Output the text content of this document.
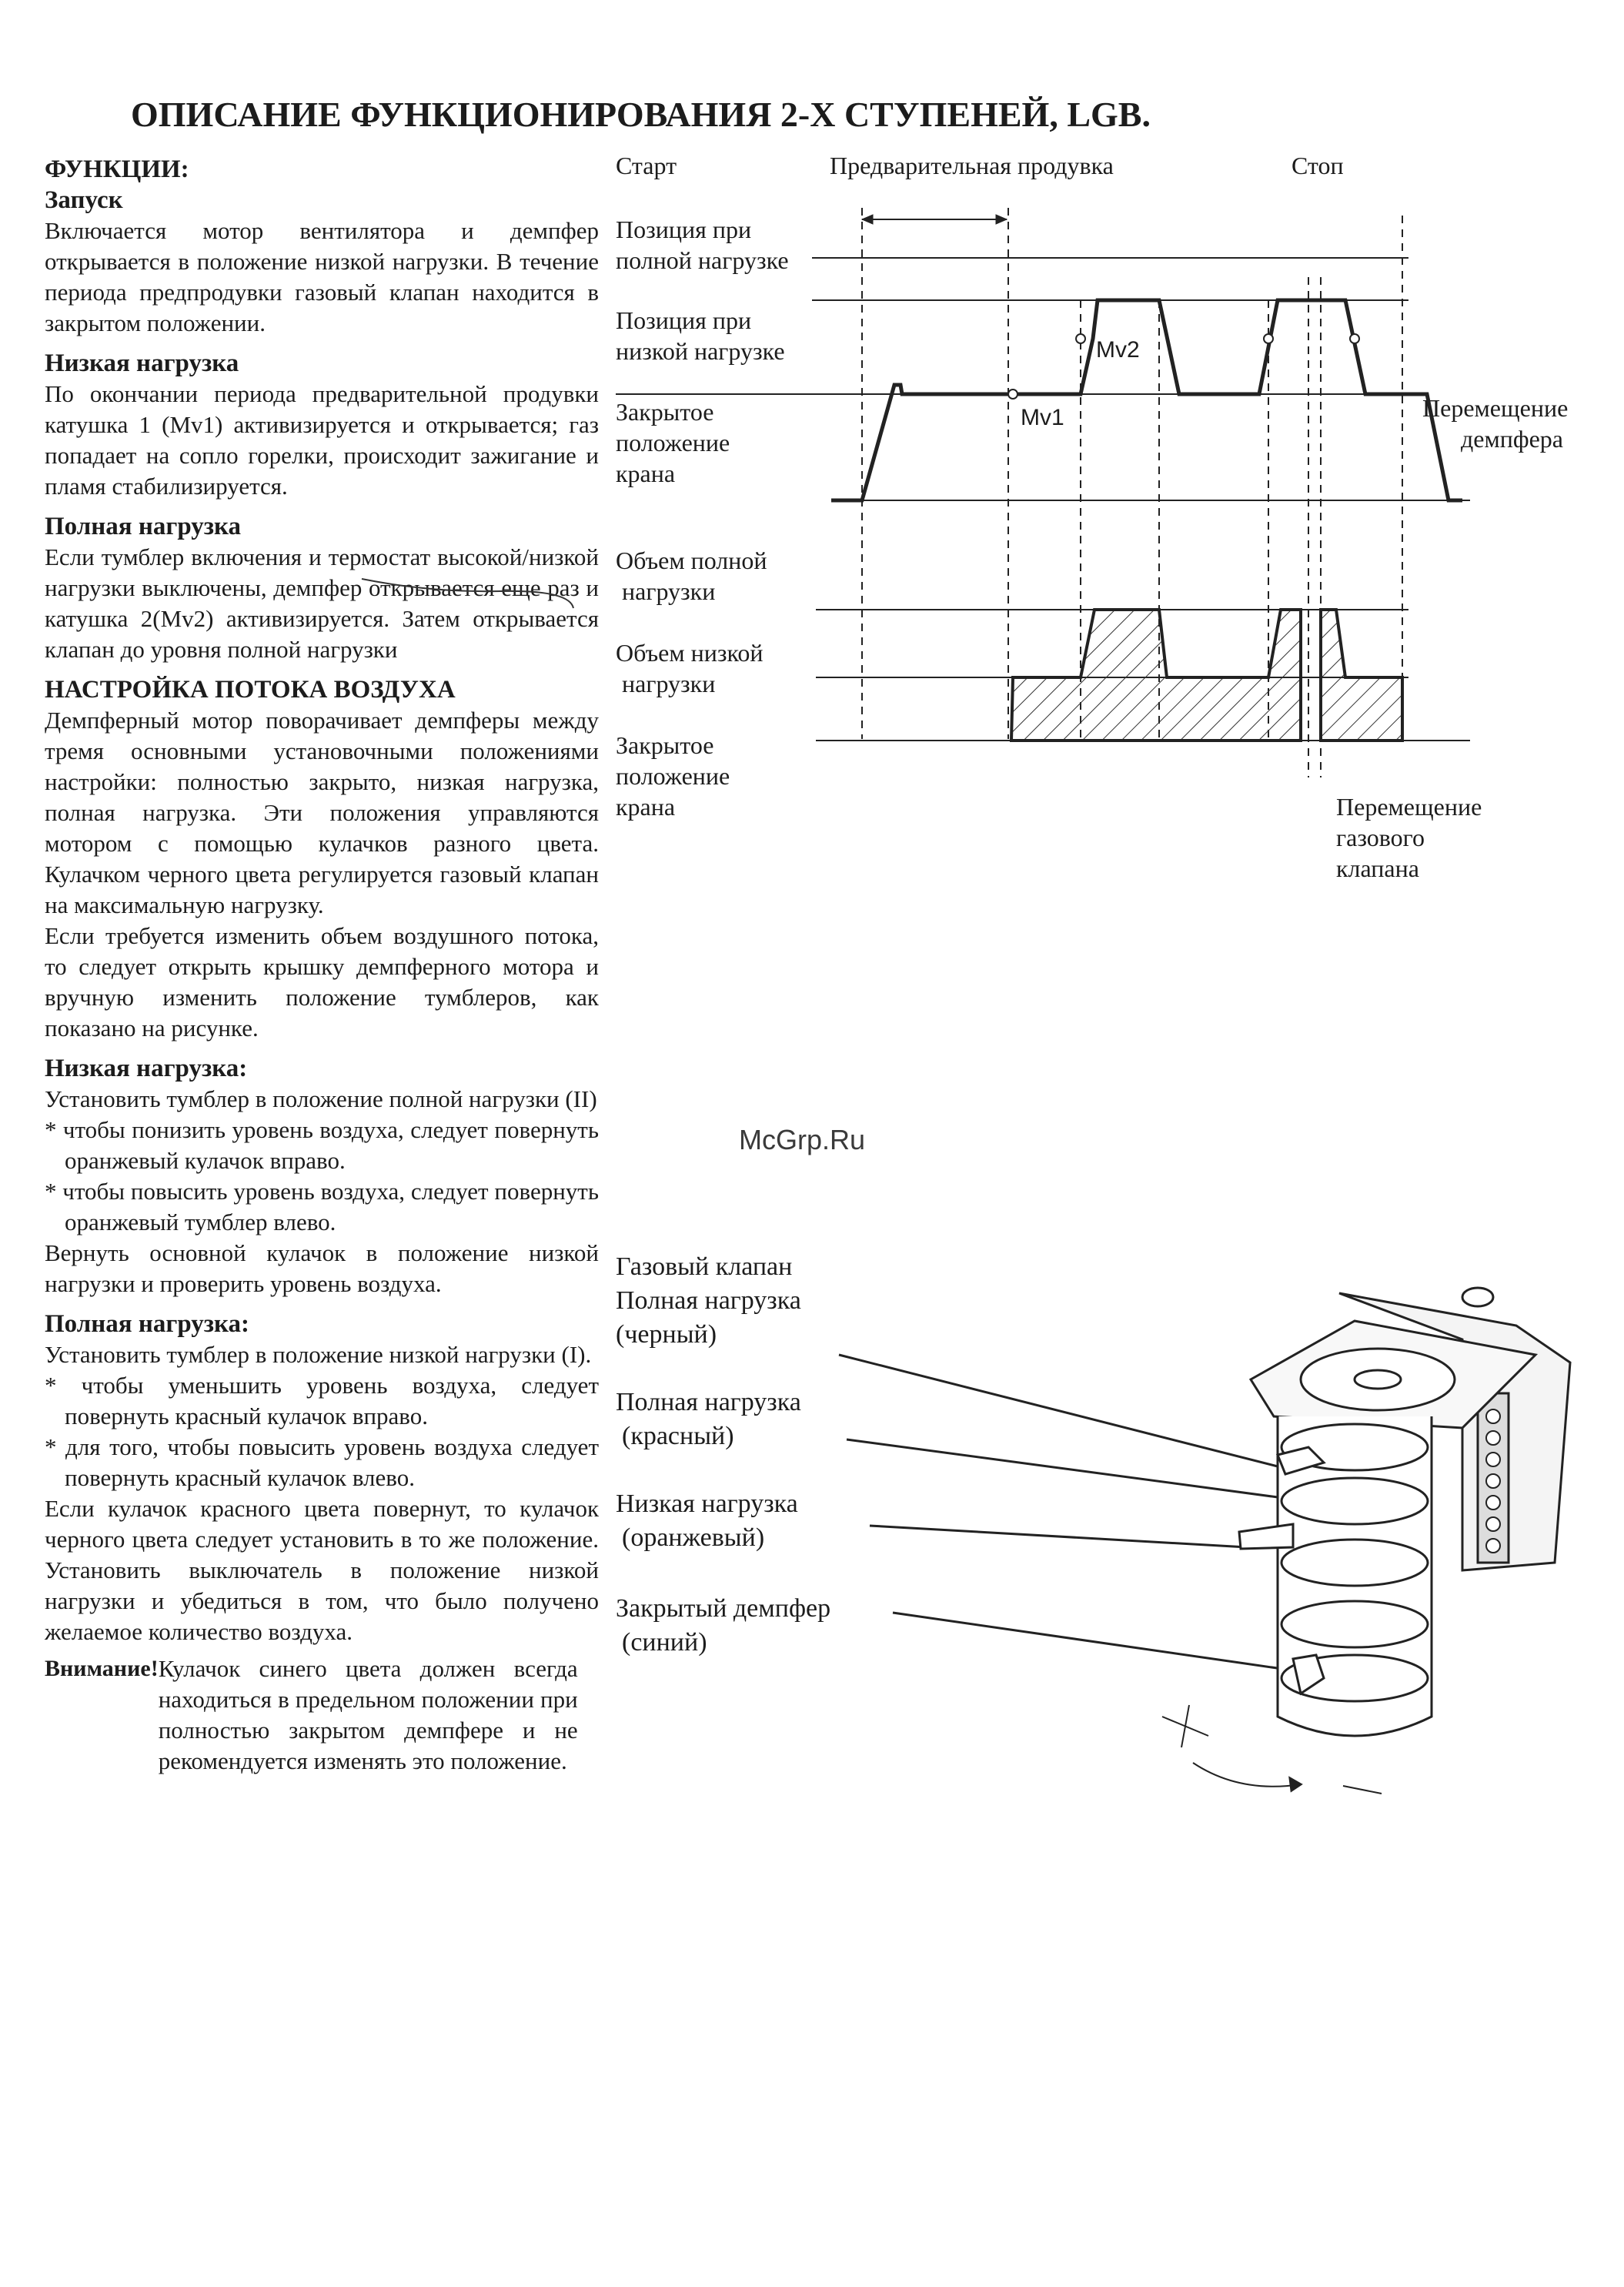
ОПИСАНИЕ ФУНКЦИОНИРОВАНИЯ 2-Х СТУПЕНЕЙ, LGB.
ФУНКЦИИ:
Запуск

Включается мотор вентилятора и демпфер открывается в положение низкой нагрузки. В течение периода предпродувки газовый клапан находится в закрытом положении.

Низкая нагрузка

По окончании периода предварительной продувки катушка 1 (Mv1) активизируется и открывается; газ попадает на сопло горелки, происходит зажигание и пламя стабилизируется.

Полная нагрузка

Если тумблер включения и термостат высокой/низкой нагрузки выключены, демпфер открывается еще раз и катушка 2(Mv2) активизируется. Затем открывается клапан до уровня полной нагрузки

НАСТРОЙКА ПОТОКА ВОЗДУХА

Демпферный мотор поворачивает демпферы между тремя основными установочными положениями настройки: полностью закрыто, низкая нагрузка, полная нагрузка. Эти положения управляются мотором с помощью кулачков разного цвета. Кулачком черного цвета регулируется газовый клапан на максимальную нагрузку.

Если требуется изменить объем воздушного потока, то следует открыть крышку демпферного мотора и вручную изменить положение тумблеров, как показано на рисунке.

Низкая нагрузка:

Установить тумблер в положение полной нагрузки (II)

* чтобы понизить уровень воздуха, следует повернуть оранжевый кулачок вправо.

* чтобы повысить уровень воздуха, следует повернуть оранжевый тумблер влево.

Вернуть основной кулачок в положение низкой нагрузки и проверить уровень воздуха.

Полная нагрузка:

Установить тумблер в положение низкой нагрузки (I).

* чтобы уменьшить уровень воздуха, следует повернуть красный кулачок вправо.

* для того, чтобы повысить уровень воздуха следует повернуть красный кулачок влево.

Если кулачок красного цвета повернут, то кулачок черного цвета следует установить в то же положение. Установить выключатель в положение низкой нагрузки и убедиться в том, что было получено желаемое количество воздуха.

Внимание! Кулачок синего цвета должен всегда находиться в предельном положении при полностью закрытом демпфере и не рекомендуется изменять это положение.

Старт	Предварительная продувка	Стоп
Позиция при
полной нагрузке
Позиция при
низкой нагрузке
Закрытое
положение
крана
Перемещение
демпфера
Объем полной
нагрузки
Объем низкой
нагрузки
Закрытое
положение
крана	Перемещение
газового
клапана
Mv1
Mv2
Газовый клапан
Полная нагрузка
(черный)
Полная нагрузка
(красный)
Низкая нагрузка
(оранжевый)
Закрытый демпфер
(синий)
McGrp.Ru
